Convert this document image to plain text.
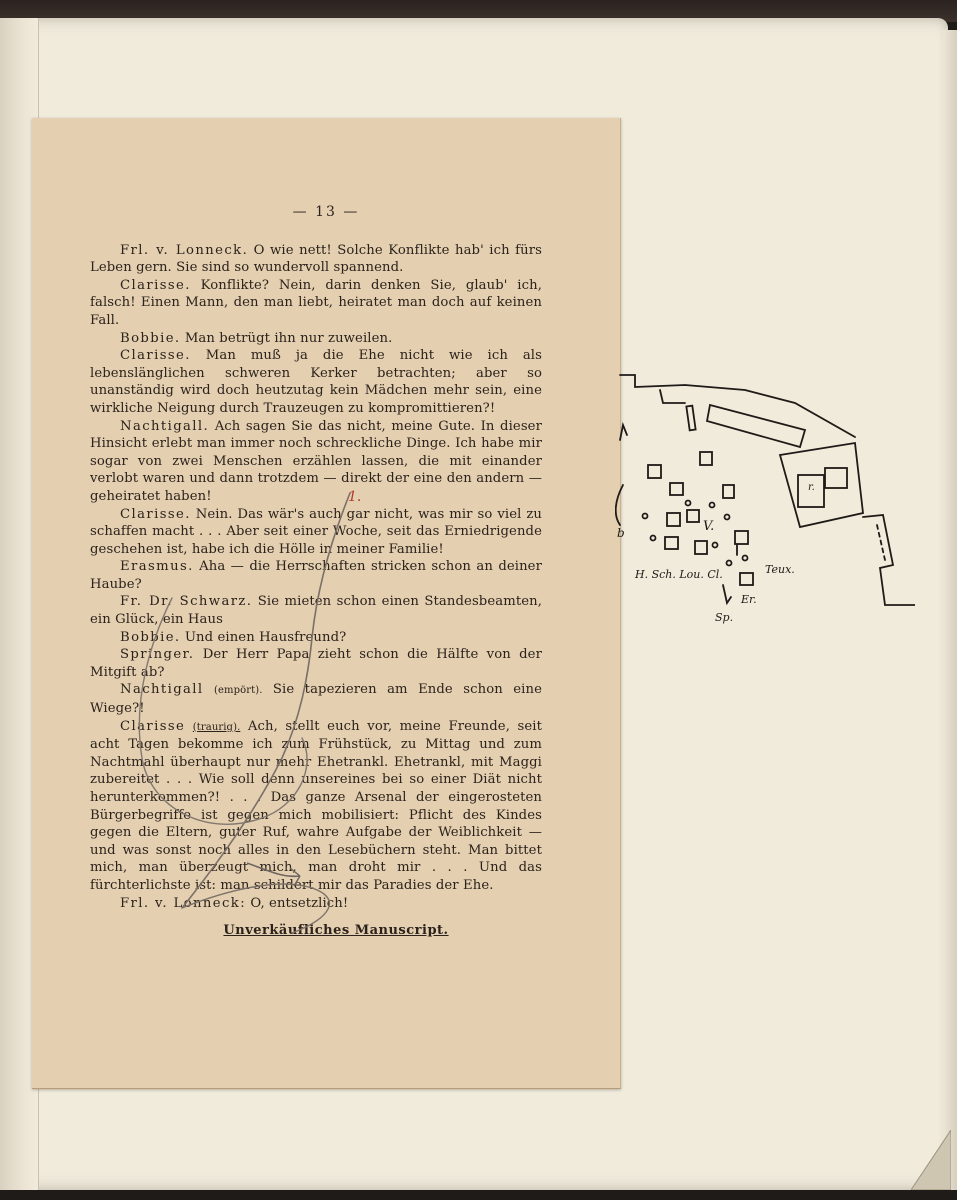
— 13 —

Frl. v. Lonneck. O wie nett! Solche Konflikte hab' ich fürs Leben gern. Sie sind so wundervoll spannend.

Clarisse. Konflikte? Nein, darin denken Sie, glaub' ich, falsch! Einen Mann, den man liebt, heiratet man doch auf keinen Fall.

Bobbie. Man betrügt ihn nur zuweilen.

Clarisse. Man muß ja die Ehe nicht wie ich als lebenslänglichen schweren Kerker betrachten; aber so unanständig wird doch heutzutag kein Mädchen mehr sein, eine wirkliche Neigung durch Trauzeugen zu kompromittieren?!

Nachtigall. Ach sagen Sie das nicht, meine Gute. In dieser Hinsicht erlebt man immer noch schreckliche Dinge. Ich habe mir sogar von zwei Menschen erzählen lassen, die mit einander verlobt waren und dann trotzdem — direkt der eine den andern — geheiratet haben!

Clarisse. Nein. Das wär's auch gar nicht, was mir so viel zu schaffen macht . . . Aber seit einer Woche, seit das Erniedrigende geschehen ist, habe ich die Hölle in meiner Familie!

Erasmus. Aha — die Herrschaften stricken schon an deiner Haube?

Fr. Dr. Schwarz. Sie mieten schon einen Standesbeamten, ein Glück, ein Haus

Bobbie. Und einen Hausfreund?

Springer. Der Herr Papa zieht schon die Hälfte von der Mitgift ab?

Nachtigall (empört). Sie tapezieren am Ende schon eine Wiege?!

Clarisse (traurig). Ach, stellt euch vor, meine Freunde, seit acht Tagen bekomme ich zum Frühstück, zu Mittag und zum Nachtmahl überhaupt nur mehr Ehetrankl. Ehetrankl, mit Maggi zubereitet . . . Wie soll denn unsereines bei so einer Diät nicht herunterkommen?! . . . Das ganze Arsenal der eingerosteten Bürgerbegriffe ist gegen mich mobilisiert: Pflicht des Kindes gegen die Eltern, guter Ruf, wahre Aufgabe der Weiblichkeit — und was sonst noch alles in den Lesebüchern steht. Man bittet mich, man überzeugt mich, man droht mir . . . Und das fürchterlichste ist: man schildert mir das Paradies der Ehe.

Frl. v. Lonneck: O, entsetzlich!

Unverkäufliches Manuscript.
1.
V.
r.
b
H. Sch. Lou. Cl.	Teux.
Er.
Sp.
